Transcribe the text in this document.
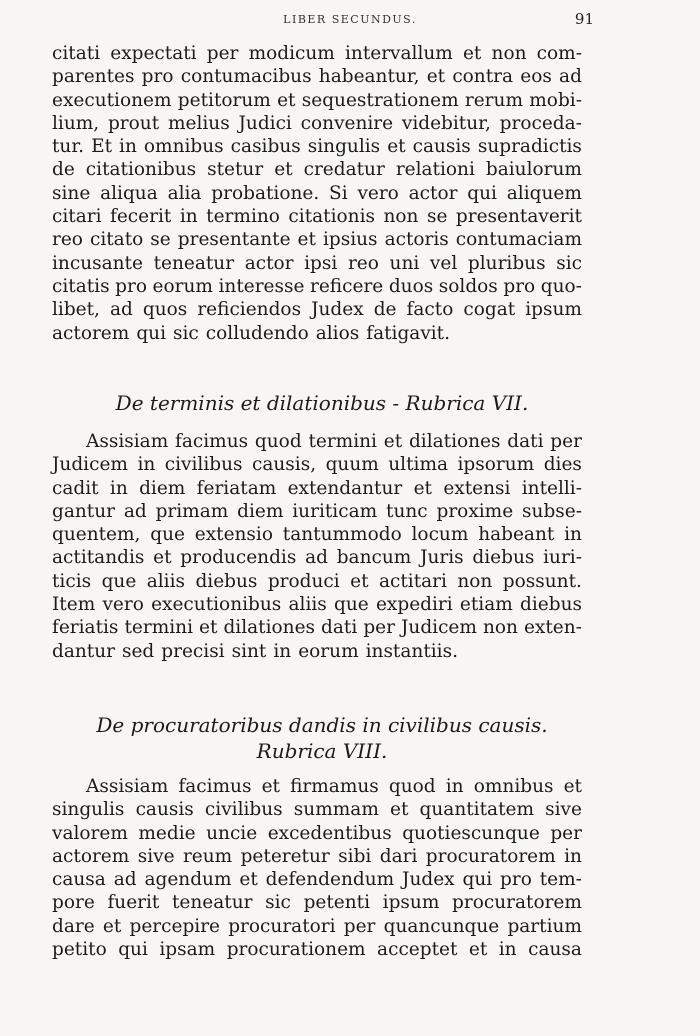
LIBER SECUNDUS.	91
citati expectati per modicum intervallum et non com-
parentes pro contumacibus habeantur, et contra eos ad
executionem petitorum et sequestrationem rerum mobi-
lium, prout melius Judici convenire videbitur, proceda-
tur. Et in omnibus casibus singulis et causis supradictis
de citationibus stetur et credatur relationi baiulorum
sine aliqua alia probatione. Si vero actor qui aliquem
citari fecerit in termino citationis non se presentaverit
reo citato se presentante et ipsius actoris contumaciam
incusante teneatur actor ipsi reo uni vel pluribus sic
citatis pro eorum interesse reficere duos soldos pro quo-
libet, ad quos reficiendos Judex de facto cogat ipsum
actorem qui sic colludendo alios fatigavit.
De terminis et dilationibus - Rubrica VII.
Assisiam facimus quod termini et dilationes dati per
Judicem in civilibus causis, quum ultima ipsorum dies
cadit in diem feriatam extendantur et extensi intelli-
gantur ad primam diem iuriticam tunc proxime subse-
quentem, que extensio tantummodo locum habeant in
actitandis et producendis ad bancum Juris diebus iuri-
ticis que aliis diebus produci et actitari non possunt.
Item vero executionibus aliis que expediri etiam diebus
feriatis termini et dilationes dati per Judicem non exten-
dantur sed precisi sint in eorum instantiis.
De procuratoribus dandis in civilibus causis.
Rubrica VIII.
Assisiam facimus et firmamus quod in omnibus et
singulis causis civilibus summam et quantitatem sive
valorem medie uncie excedentibus quotiescunque per
actorem sive reum peteretur sibi dari procuratorem in
causa ad agendum et defendendum Judex qui pro tem-
pore fuerit teneatur sic petenti ipsum procuratorem
dare et percepire procuratori per quancunque partium
petito qui ipsam procurationem acceptet et in causa
